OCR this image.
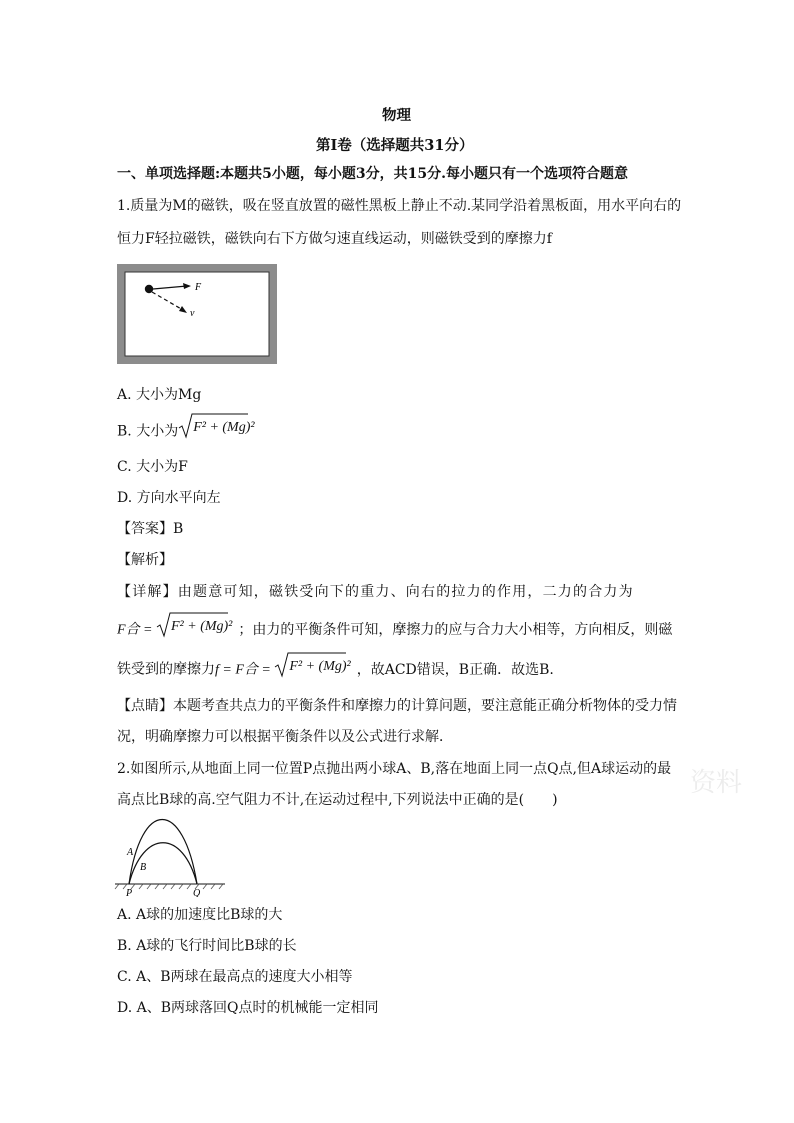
物理
第Ⅰ卷（选择题共31分）
一、单项选择题:本题共5小题，每小题3分，共15分.每小题只有一个选项符合题意
1.质量为M的磁铁，吸在竖直放置的磁性黑板上静止不动.某同学沿着黑板面，用水平向右的
恒力F轻拉磁铁，磁铁向右下方做匀速直线运动，则磁铁受到的摩擦力f
F
v
A. 大小为Mg
B. 大小为 F² + (Mg)²
C. 大小为F
D. 方向水平向左
【答案】B
【解析】
【详解】由题意可知，磁铁受向下的重力、向右的拉力的作用，二力的合力为
F合 =
F² + (Mg)² ；由力的平衡条件可知，摩擦力的应与合力大小相等，方向相反，则磁
铁受到的摩擦力f = F合 =
F² + (Mg)² ，故ACD错误，B正确．故选B.
【点睛】本题考查共点力的平衡条件和摩擦力的计算问题，要注意能正确分析物体的受力情
况，明确摩擦力可以根据平衡条件以及公式进行求解．
资料
2.如图所示,从地面上同一位置P点抛出两小球A、B,落在地面上同一点Q点,但A球运动的最
高点比B球的高.空气阻力不计,在运动过程中,下列说法中正确的是(　　)
A
B
P	Q
A. A球的加速度比B球的大
B. A球的飞行时间比B球的长
C. A、B两球在最高点的速度大小相等
D. A、B两球落回Q点时的机械能一定相同
